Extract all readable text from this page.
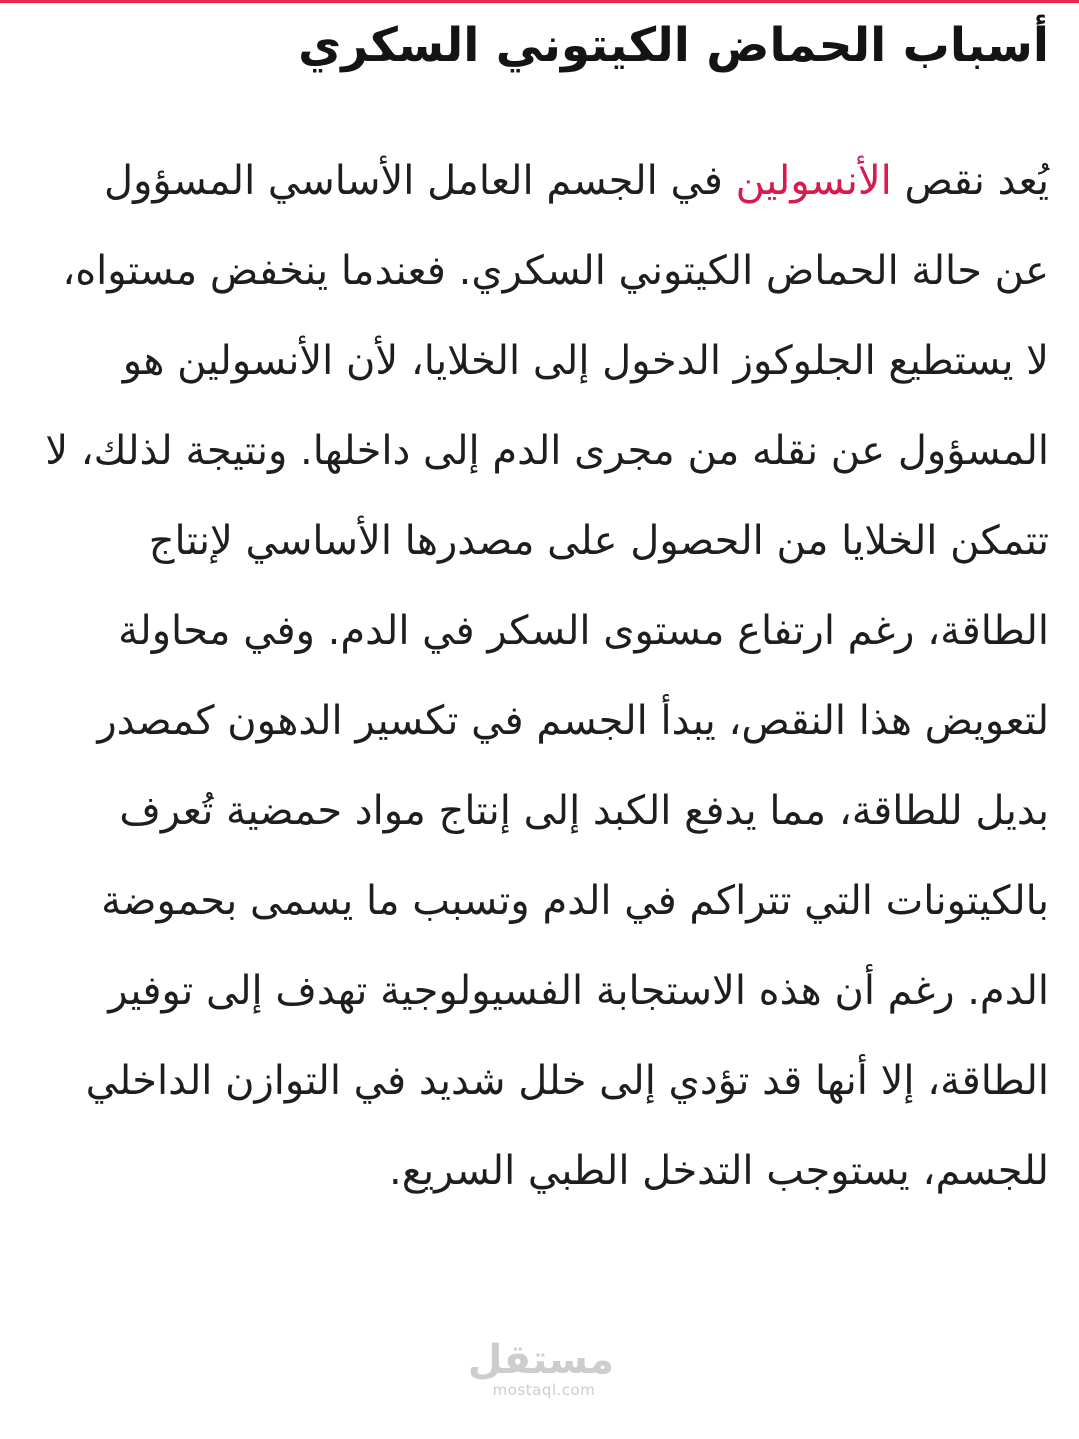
أسباب الحماض الكيتوني السكري

يُعد نقص الأنسولين في الجسم العامل الأساسي المسؤول عن حالة الحماض الكيتوني السكري. فعندما ينخفض مستواه، لا يستطيع الجلوكوز الدخول إلى الخلايا، لأن الأنسولين هو المسؤول عن نقله من مجرى الدم إلى داخلها. ونتيجة لذلك، لا تتمكن الخلايا من الحصول على مصدرها الأساسي لإنتاج الطاقة، رغم ارتفاع مستوى السكر في الدم. وفي محاولة لتعويض هذا النقص، يبدأ الجسم في تكسير الدهون كمصدر بديل للطاقة، مما يدفع الكبد إلى إنتاج مواد حمضية تُعرف بالكيتونات التي تتراكم في الدم وتسبب ما يسمى بحموضة الدم. رغم أن هذه الاستجابة الفسيولوجية تهدف إلى توفير الطاقة، إلا أنها قد تؤدي إلى خلل شديد في التوازن الداخلي للجسم، يستوجب التدخل الطبي السريع.

مستقل
mostaql.com
